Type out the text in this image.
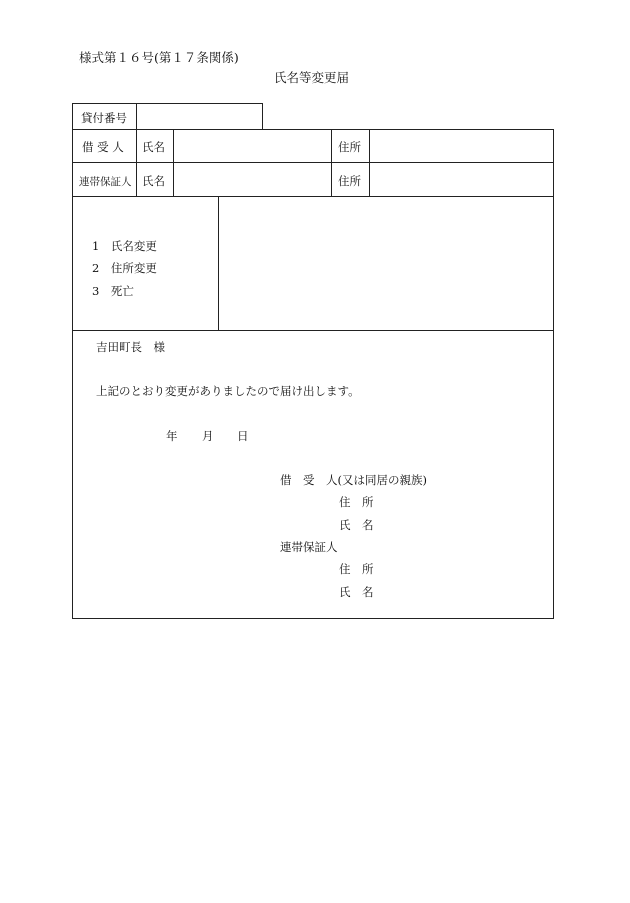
様式第１６号(第１７条関係)
氏名等変更届
貸付番号
借 受 人 氏名	住所
連帯保証人 氏名	住所
1　氏名変更
2　住所変更
3　死亡
吉田町長　様
上記のとおり変更がありましたので届け出します。
年 月 日
借　受　人(又は同居の親族)
住　所
氏　名
連帯保証人
住　所
氏　名
